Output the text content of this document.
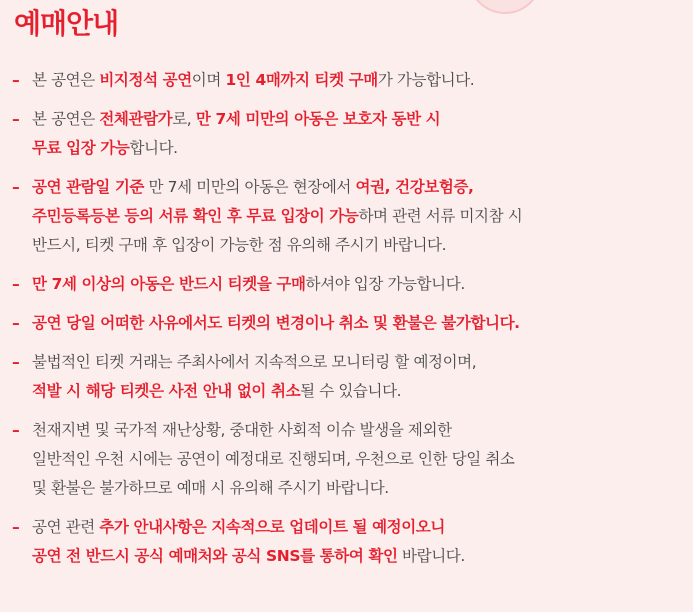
예매안내
– 본 공연은 비지정석 공연이며 1인 4매까지 티켓 구매가 가능합니다.
– 본 공연은 전체관람가로, 만 7세 미만의 아동은 보호자 동반 시
무료 입장 가능합니다.
– 공연 관람일 기준 만 7세 미만의 아동은 현장에서 여권, 건강보험증,
주민등록등본 등의 서류 확인 후 무료 입장이 가능하며 관련 서류 미지참 시
반드시, 티켓 구매 후 입장이 가능한 점 유의해 주시기 바랍니다.
– 만 7세 이상의 아동은 반드시 티켓을 구매하셔야 입장 가능합니다.
– 공연 당일 어떠한 사유에서도 티켓의 변경이나 취소 및 환불은 불가합니다.
– 불법적인 티켓 거래는 주최사에서 지속적으로 모니터링 할 예정이며,
적발 시 해당 티켓은 사전 안내 없이 취소될 수 있습니다.
– 천재지변 및 국가적 재난상황, 중대한 사회적 이슈 발생을 제외한
일반적인 우천 시에는 공연이 예정대로 진행되며, 우천으로 인한 당일 취소
및 환불은 불가하므로 예매 시 유의해 주시기 바랍니다.
– 공연 관련 추가 안내사항은 지속적으로 업데이트 될 예정이오니
공연 전 반드시 공식 예매처와 공식 SNS를 통하여 확인 바랍니다.
